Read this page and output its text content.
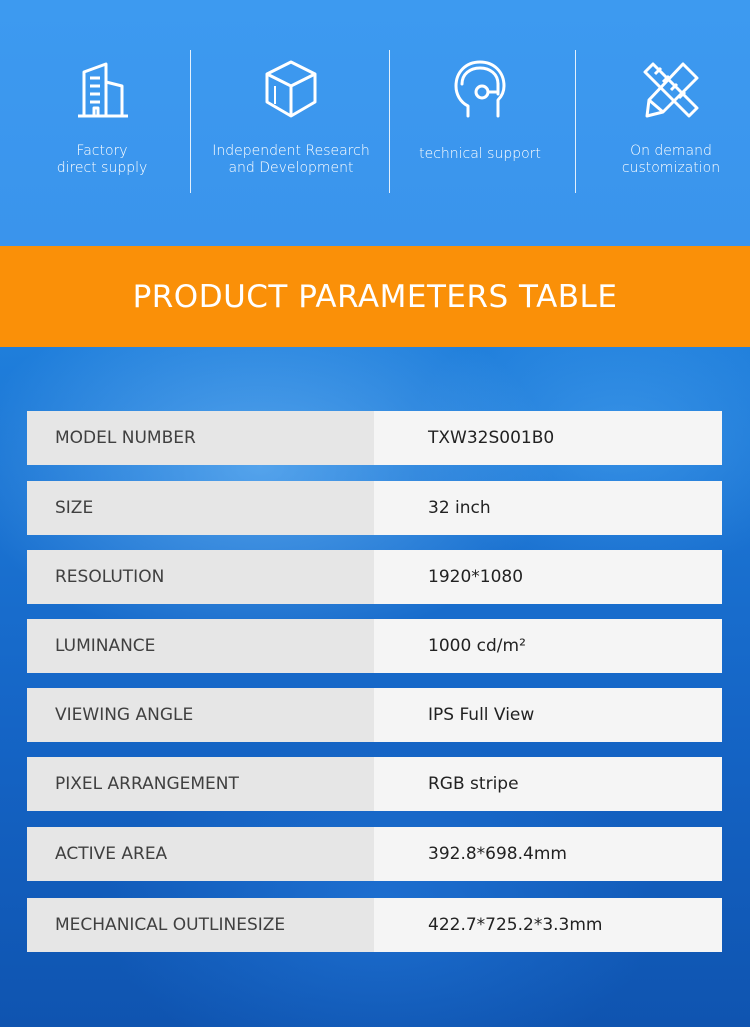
Factory
direct supply
Independent Research
and Development
technical support	On demand
customization
PRODUCT PARAMETERS TABLE
MODEL NUMBER	TXW32S001B0
SIZE	32 inch
RESOLUTION	1920*1080
LUMINANCE	1000 cd/m²
VIEWING ANGLE	IPS Full View
PIXEL ARRANGEMENT	RGB stripe
ACTIVE AREA	392.8*698.4mm
MECHANICAL OUTLINESIZE	422.7*725.2*3.3mm
